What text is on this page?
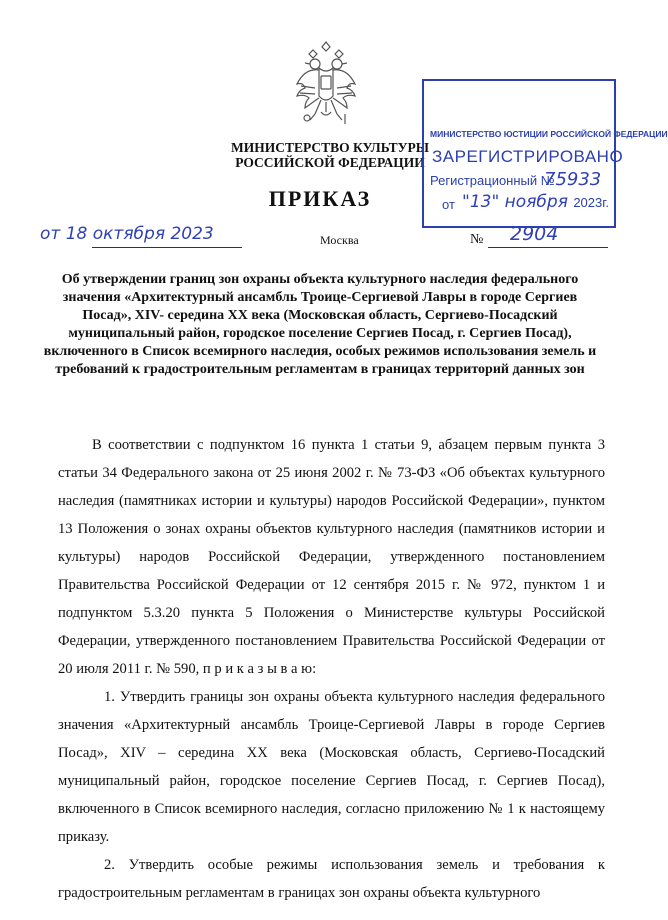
МИНИСТЕРСТВО КУЛЬТУРЫ
РОССИЙСКОЙ ФЕДЕРАЦИИ
ПРИКАЗ
МИНИСТЕРСТВО ЮСТИЦИИ РОССИЙСКОЙ ФЕДЕРАЦИИ
ЗАРЕГИСТРИРОВАНО
Регистрационный №
75933
от "13" ноября 2023г.
от 18 октября 2023	Москва	№ 2904
Об утверждении границ зон охраны объекта культурного наследия федерального значения «Архитектурный ансамбль Троице-Сергиевой Лавры в городе Сергиев Посад», XIV- середина XX века (Московская область, Сергиево-Посадский муниципальный район, городское поселение Сергиев Посад, г. Сергиев Посад), включенного в Список всемирного наследия, особых режимов использования земель и требований к градостроительным регламентам в границах территорий данных зон

В соответствии с подпунктом 16 пункта 1 статьи 9, абзацем первым пункта 3 статьи 34 Федерального закона от 25 июня 2002 г. № 73-ФЗ «Об объектах культурного наследия (памятниках истории и культуры) народов Российской Федерации», пунктом 13 Положения о зонах охраны объектов культурного наследия (памятников истории и культуры) народов Российской Федерации, утвержденного постановлением Правительства Российской Федерации от 12 сентября 2015 г. № 972, пунктом 1 и подпунктом 5.3.20 пункта 5 Положения о Министерстве культуры Российской Федерации, утвержденного постановлением Правительства Российской Федерации от 20 июля 2011 г. № 590, п р и к а з ы в а ю:

1. Утвердить границы зон охраны объекта культурного наследия федерального значения «Архитектурный ансамбль Троице-Сергиевой Лавры в городе Сергиев Посад», XIV – середина XX века (Московская область, Сергиево-Посадский муниципальный район, городское поселение Сергиев Посад, г. Сергиев Посад), включенного в Список всемирного наследия, согласно приложению № 1 к настоящему приказу.

2. Утвердить особые режимы использования земель и требования к градостроительным регламентам в границах зон охраны объекта культурного
